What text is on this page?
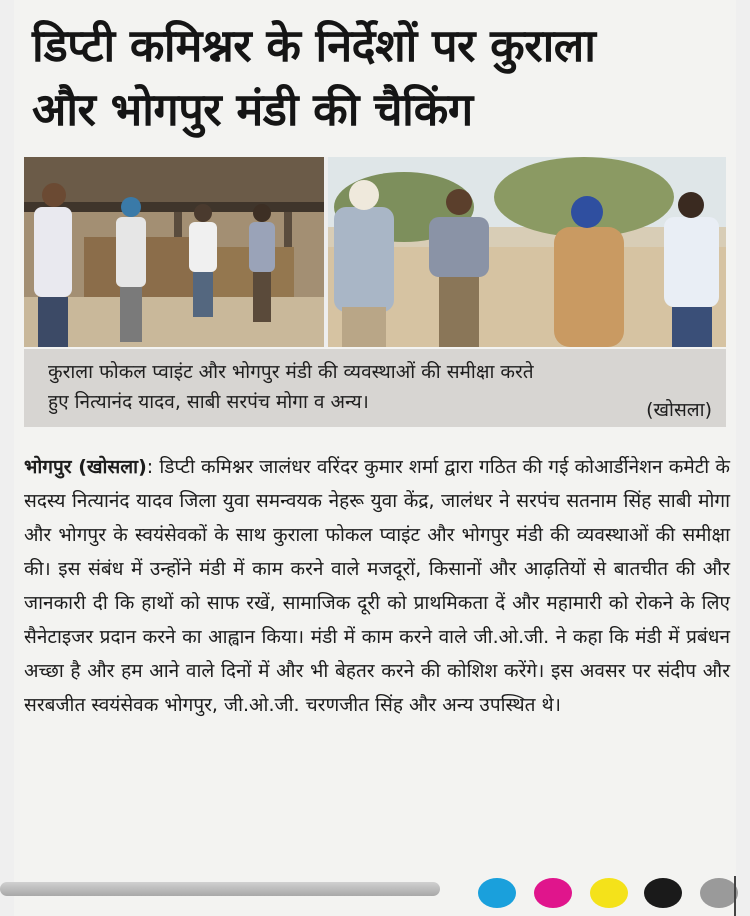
डिप्टी कमिश्नर के निर्देशों पर कुराला
और भोगपुर मंडी की चैकिंग
कुराला फोकल प्वाइंट और भोगपुर मंडी की व्यवस्थाओं की समीक्षा करते
हुए नित्यानंद यादव, साबी सरपंच मोगा व अन्य।	(खोसला)
भोगपुर (खोसला): डिप्टी कमिश्नर जालंधर वरिंदर कुमार शर्मा द्वारा गठित की गई कोआर्डीनेशन कमेटी के सदस्य नित्यानंद यादव जिला युवा समन्वयक नेहरू युवा केंद्र, जालंधर ने सरपंच सतनाम सिंह साबी मोगा और भोगपुर के स्वयंसेवकों के साथ कुराला फोकल प्वाइंट और भोगपुर मंडी की व्यवस्थाओं की समीक्षा की। इस संबंध में उन्होंने मंडी में काम करने वाले मजदूरों, किसानों और आढ़तियों से बातचीत की और जानकारी दी कि हाथों को साफ रखें, सामाजिक दूरी को प्राथमिकता दें और महामारी को रोकने के लिए सैनेटाइजर प्रदान करने का आह्वान किया। मंडी में काम करने वाले जी.ओ.जी. ने कहा कि मंडी में प्रबंधन अच्छा है और हम आने वाले दिनों में और भी बेहतर करने की कोशिश करेंगे। इस अवसर पर संदीप और सरबजीत स्वयंसेवक भोगपुर, जी.ओ.जी. चरणजीत सिंह और अन्य उपस्थित थे।
